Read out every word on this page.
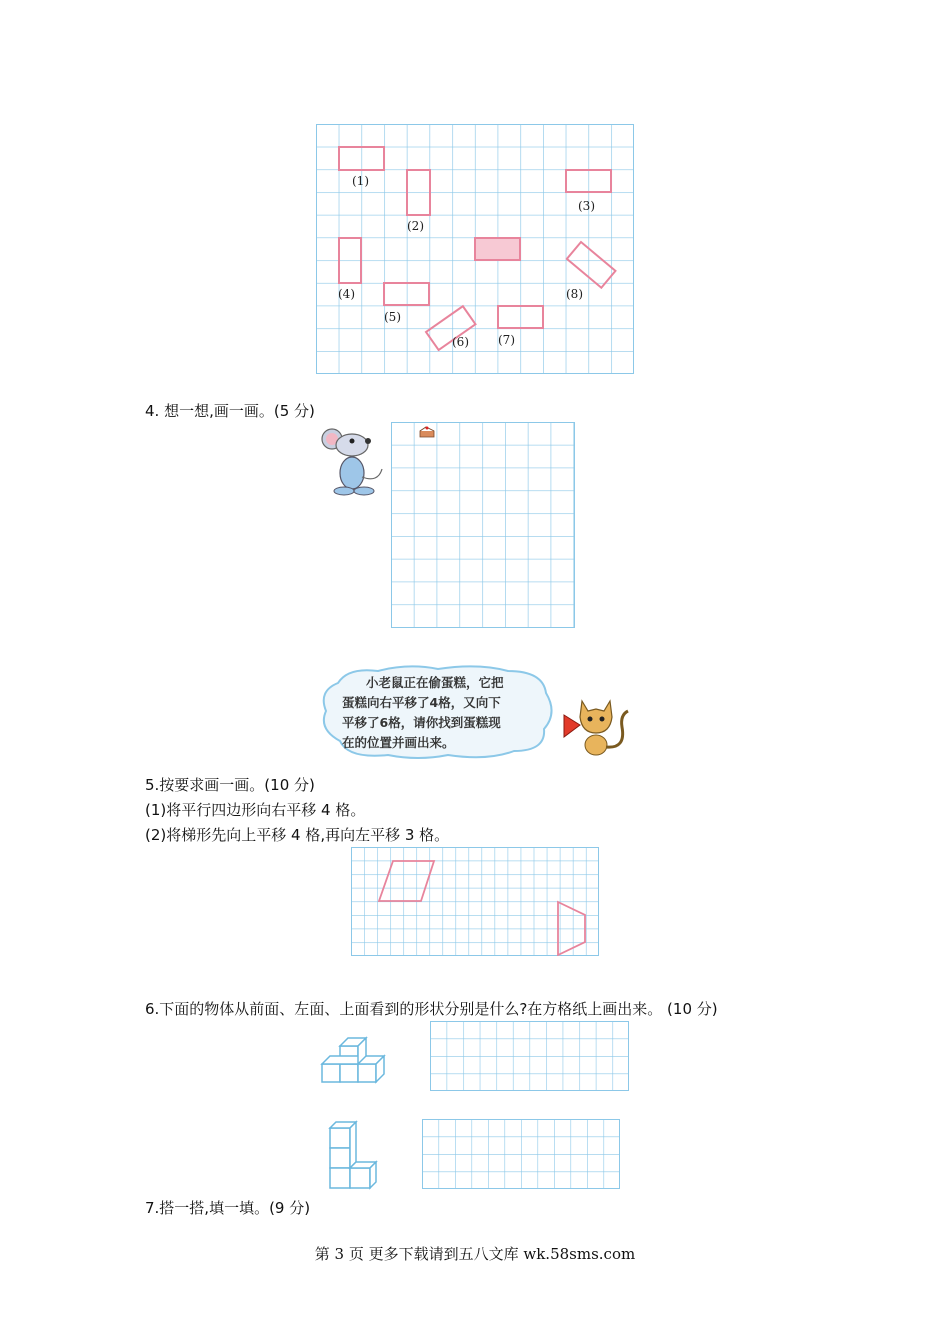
(1)
(2)
(3)
(4)
(5)
(6) (7)
(8)
4. 想一想,画一画。(5 分)
小老鼠正在偷蛋糕，它把
蛋糕向右平移了4格，又向下
平移了6格，请你找到蛋糕现
在的位置并画出来。
5.按要求画一画。(10 分)
(1)将平行四边形向右平移 4 格。
(2)将梯形先向上平移 4 格,再向左平移 3 格。
6.下面的物体从前面、左面、上面看到的形状分别是什么?在方格纸上画出来。 (10 分)
7.搭一搭,填一填。(9 分)
第 3 页 更多下载请到五八文库 wk.58sms.com
